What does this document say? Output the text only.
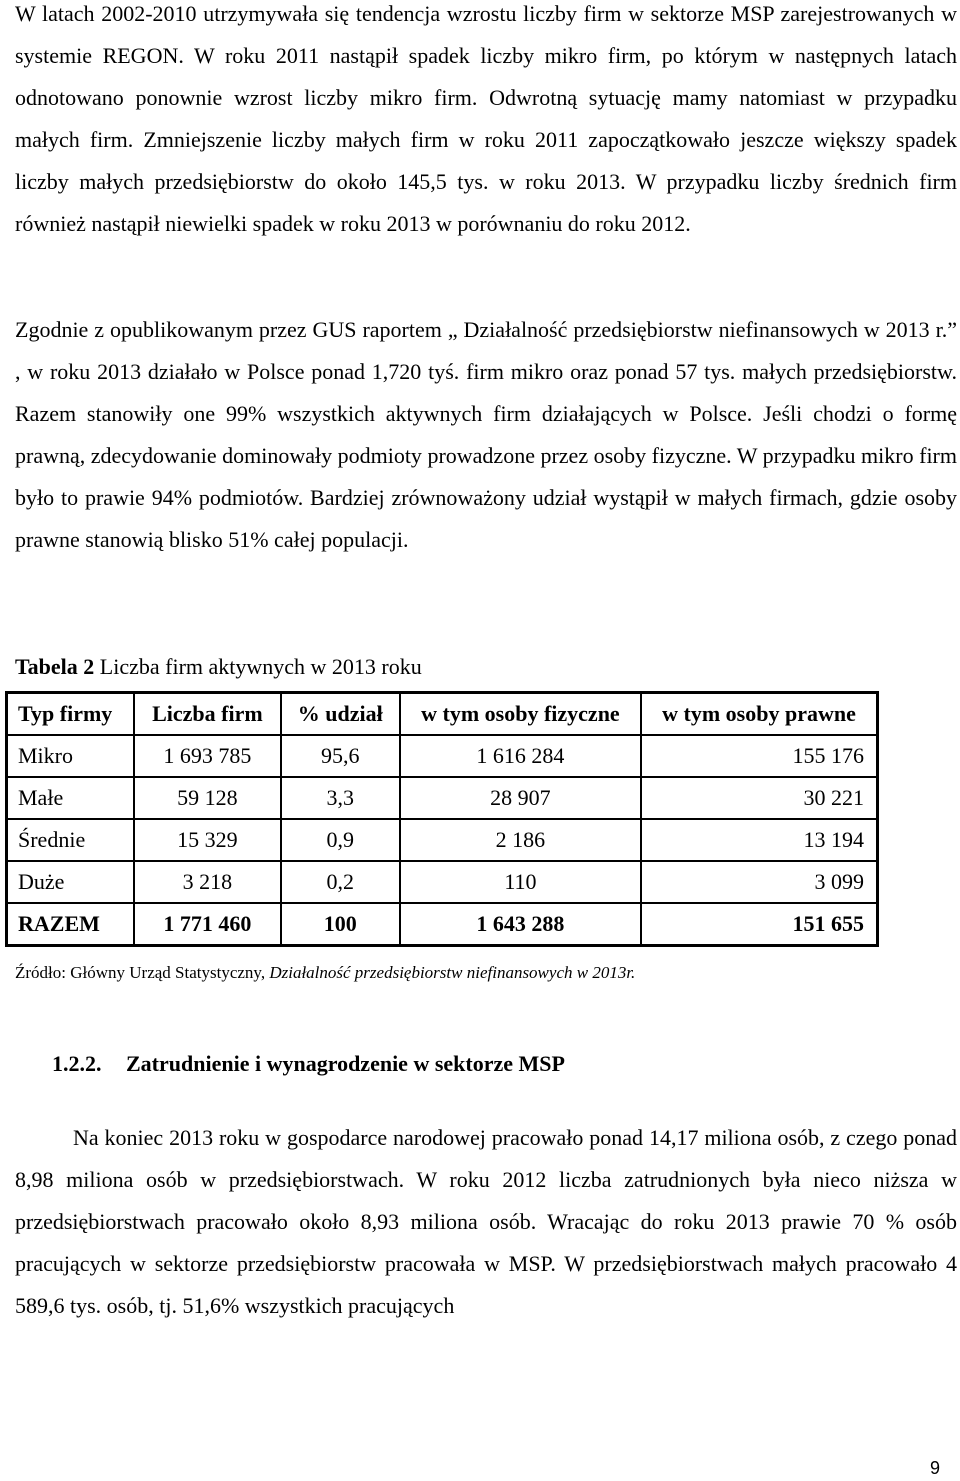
W latach 2002-2010 utrzymywała się tendencja wzrostu liczby firm w sektorze MSP zarejestrowanych w systemie REGON. W roku 2011 nastąpił spadek liczby mikro firm, po którym w następnych latach odnotowano ponownie wzrost liczby mikro firm. Odwrotną sytuację mamy natomiast w przypadku małych firm. Zmniejszenie liczby małych firm w roku 2011 zapoczątkowało jeszcze większy spadek liczby małych przedsiębiorstw do około 145,5 tys. w roku 2013. W przypadku liczby średnich firm również nastąpił niewielki spadek w roku 2013 w porównaniu do roku 2012.

Zgodnie z opublikowanym przez GUS raportem „ Działalność przedsiębiorstw niefinansowych w 2013 r.” , w roku 2013 działało w Polsce ponad 1,720 tyś. firm mikro oraz ponad 57 tys. małych przedsiębiorstw. Razem stanowiły one 99% wszystkich aktywnych firm działających w Polsce. Jeśli chodzi o formę prawną, zdecydowanie dominowały podmioty prowadzone przez osoby fizyczne. W przypadku mikro firm było to prawie 94% podmiotów. Bardziej zrównoważony udział wystąpił w małych firmach, gdzie osoby prawne stanowią blisko 51% całej populacji.

Tabela 2 Liczba firm aktywnych w 2013 roku

Typ firmy	Liczba firm	% udział	w tym osoby fizyczne	w tym osoby prawne
Mikro	1 693 785	95,6	1 616 284	155 176
Małe	59 128	3,3	28 907	30 221
Średnie	15 329	0,9	2 186	13 194
Duże	3 218	0,2	110	3 099
RAZEM	1 771 460	100	1 643 288	151 655
Źródło: Główny Urząd Statystyczny, Działalność przedsiębiorstw niefinansowych w 2013r.
1.2.2. Zatrudnienie i wynagrodzenie w sektorze MSP

Na koniec 2013 roku w gospodarce narodowej pracowało ponad 14,17 miliona osób, z czego ponad 8,98 miliona osób w przedsiębiorstwach. W roku 2012 liczba zatrudnionych była nieco niższa w przedsiębiorstwach pracowało około 8,93 miliona osób. Wracając do roku 2013 prawie 70 % osób pracujących w sektorze przedsiębiorstw pracowała w MSP. W przedsiębiorstwach małych pracowało 4 589,6 tys. osób, tj. 51,6% wszystkich pracujących

9
